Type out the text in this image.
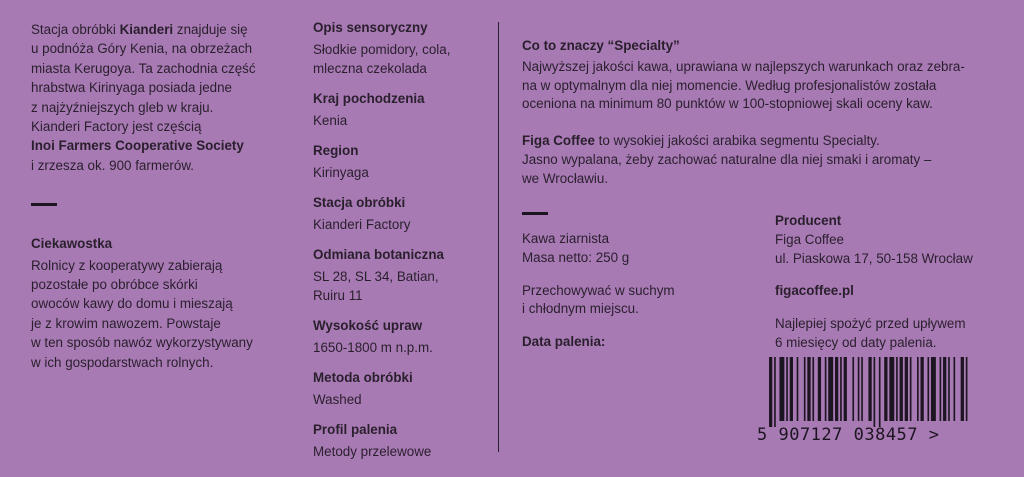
Stacja obróbki Kianderi znajduje się

u podnóża Góry Kenia, na obrzeżach

miasta Kerugoya. Ta zachodnia część

hrabstwa Kirinyaga posiada jedne

z najżyźniejszych gleb w kraju.

Kianderi Factory jest częścią

Inoi Farmers Cooperative Society

i zrzesza ok. 900 farmerów.

Ciekawostka

Rolnicy z kooperatywy zabierają

pozostałe po obróbce skórki

owoców kawy do domu i mieszają

je z krowim nawozem. Powstaje

w ten sposób nawóz wykorzystywany

w ich gospodarstwach rolnych.

Opis sensoryczny

Słodkie pomidory, cola,

mleczna czekolada

Kraj pochodzenia

Kenia

Region

Kirinyaga

Stacja obróbki

Kianderi Factory

Odmiana botaniczna

SL 28, SL 34, Batian,

Ruiru 11

Wysokość upraw

1650-1800 m n.p.m.

Metoda obróbki

Washed

Profil palenia

Metody przelewowe

Co to znaczy “Specialty”

Najwyższej jakości kawa, uprawiana w najlepszych warunkach oraz zebra-

na w optymalnym dla niej momencie. Według profesjonalistów została

oceniona na minimum 80 punktów w 100-stopniowej skali oceny kaw.

Figa Coffee to wysokiej jakości arabika segmentu Specialty.

Jasno wypalana, żeby zachować naturalne dla niej smaki i aromaty –

we Wrocławiu.

Kawa ziarnista

Masa netto: 250 g

Przechowywać w suchym

i chłodnym miejscu.

Data palenia:

Producent

Figa Coffee

ul. Piaskowa 17, 50-158 Wrocław

figacoffee.pl

Najlepiej spożyć przed upływem

6 miesięcy od daty palenia.

5 907127 038457 >
